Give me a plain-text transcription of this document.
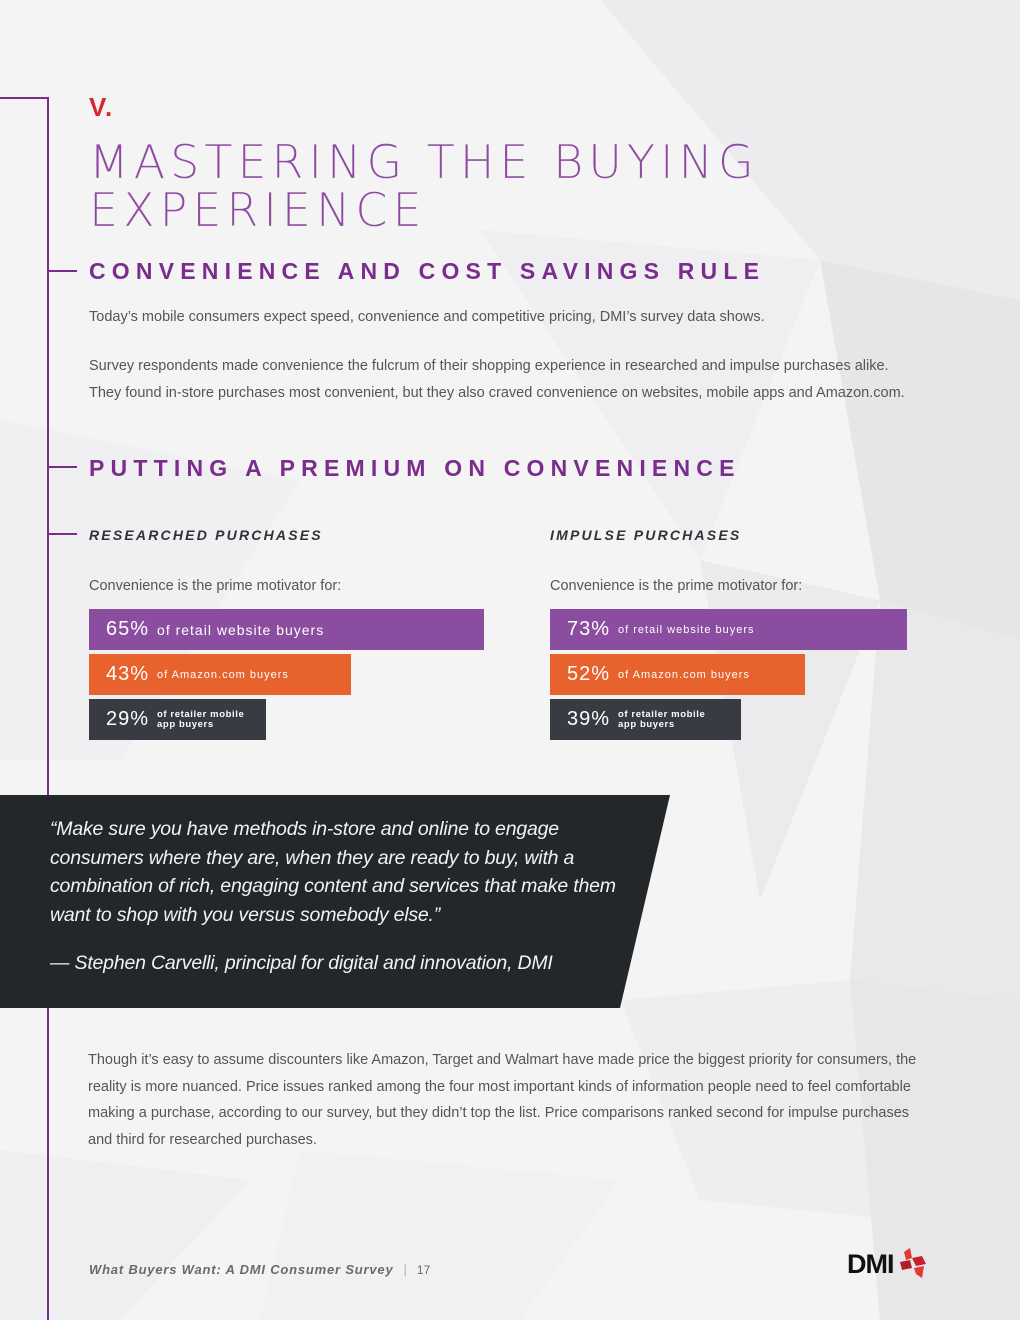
V.
MASTERING THE BUYING EXPERIENCE
CONVENIENCE AND COST SAVINGS RULE

Today’s mobile consumers expect speed, convenience and competitive pricing, DMI’s survey data shows.

Survey respondents made convenience the fulcrum of their shopping experience in researched and impulse purchases alike. They found in-store purchases most convenient, but they also craved convenience on websites, mobile apps and Amazon.com.

PUTTING A PREMIUM ON CONVENIENCE
RESEARCHED PURCHASES

Convenience is the prime motivator for:

65% of retail website buyers
43% of Amazon.com buyers
29% of retailer mobile app buyers
IMPULSE PURCHASES

Convenience is the prime motivator for:

73% of retail website buyers
52% of Amazon.com buyers
39% of retailer mobile app buyers

“Make sure you have methods in-store and online to engage consumers where they are, when they are ready to buy, with a combination of rich, engaging content and services that make them want to shop with you versus somebody else.”

— Stephen Carvelli, principal for digital and innovation, DMI

Though it’s easy to assume discounters like Amazon, Target and Walmart have made price the biggest priority for consumers, the reality is more nuanced. Price issues ranked among the four most important kinds of information people need to feel comfortable making a purchase, according to our survey, but they didn’t top the list. Price comparisons ranked second for impulse purchases and third for researched purchases.

What Buyers Want: A DMI Consumer Survey | 17	DMI
